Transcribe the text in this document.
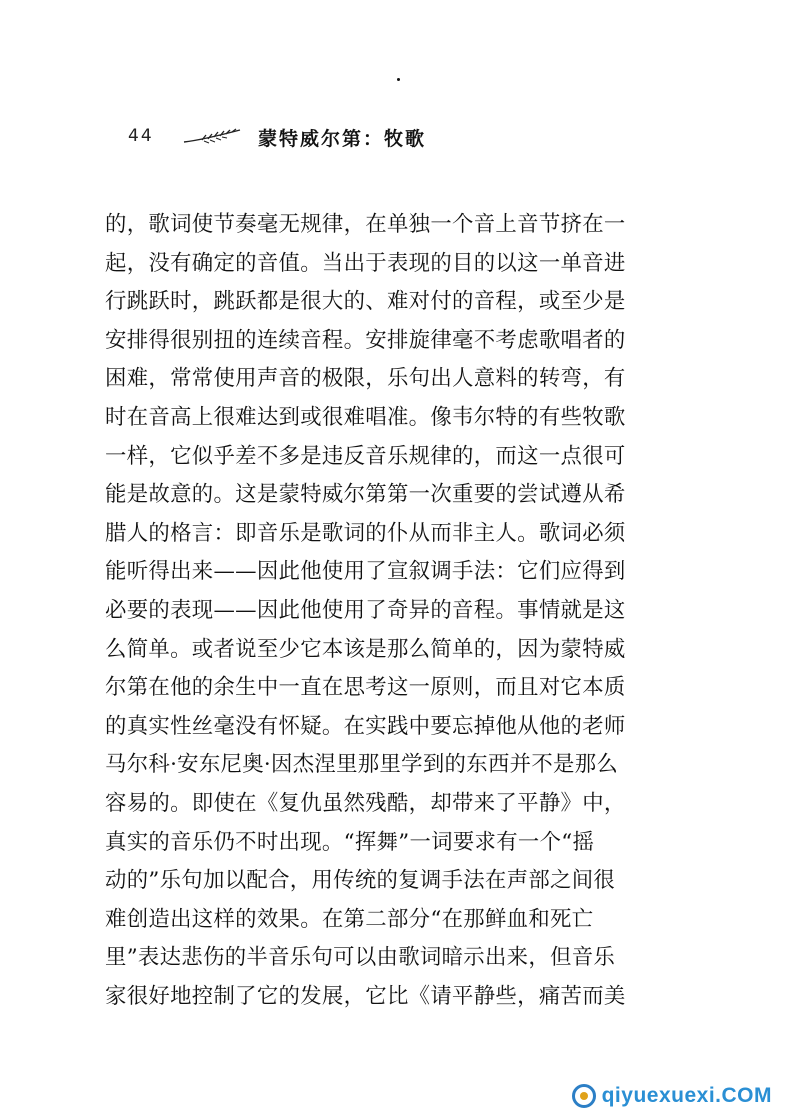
44	蒙特威尔第：牧歌
的，歌词使节奏毫无规律，在单独一个音上音节挤在一
起，没有确定的音值。当出于表现的目的以这一单音进
行跳跃时，跳跃都是很大的、难对付的音程，或至少是
安排得很别扭的连续音程。安排旋律毫不考虑歌唱者的
困难，常常使用声音的极限，乐句出人意料的转弯，有
时在音高上很难达到或很难唱准。像韦尔特的有些牧歌
一样，它似乎差不多是违反音乐规律的，而这一点很可
能是故意的。这是蒙特威尔第第一次重要的尝试遵从希
腊人的格言：即音乐是歌词的仆从而非主人。歌词必须
能听得出来——因此他使用了宣叙调手法：它们应得到
必要的表现——因此他使用了奇异的音程。事情就是这
么简单。或者说至少它本该是那么简单的，因为蒙特威
尔第在他的余生中一直在思考这一原则，而且对它本质
的真实性丝毫没有怀疑。在实践中要忘掉他从他的老师
马尔科·安东尼奥·因杰涅里那里学到的东西并不是那么
容易的。即使在《复仇虽然残酷，却带来了平静》中，
真实的音乐仍不时出现。“挥舞”一词要求有一个“摇
动的”乐句加以配合，用传统的复调手法在声部之间很
难创造出这样的效果。在第二部分“在那鲜血和死亡
里”表达悲伤的半音乐句可以由歌词暗示出来，但音乐
家很好地控制了它的发展，它比《请平静些，痛苦而美
qiyuexuexi.COM
